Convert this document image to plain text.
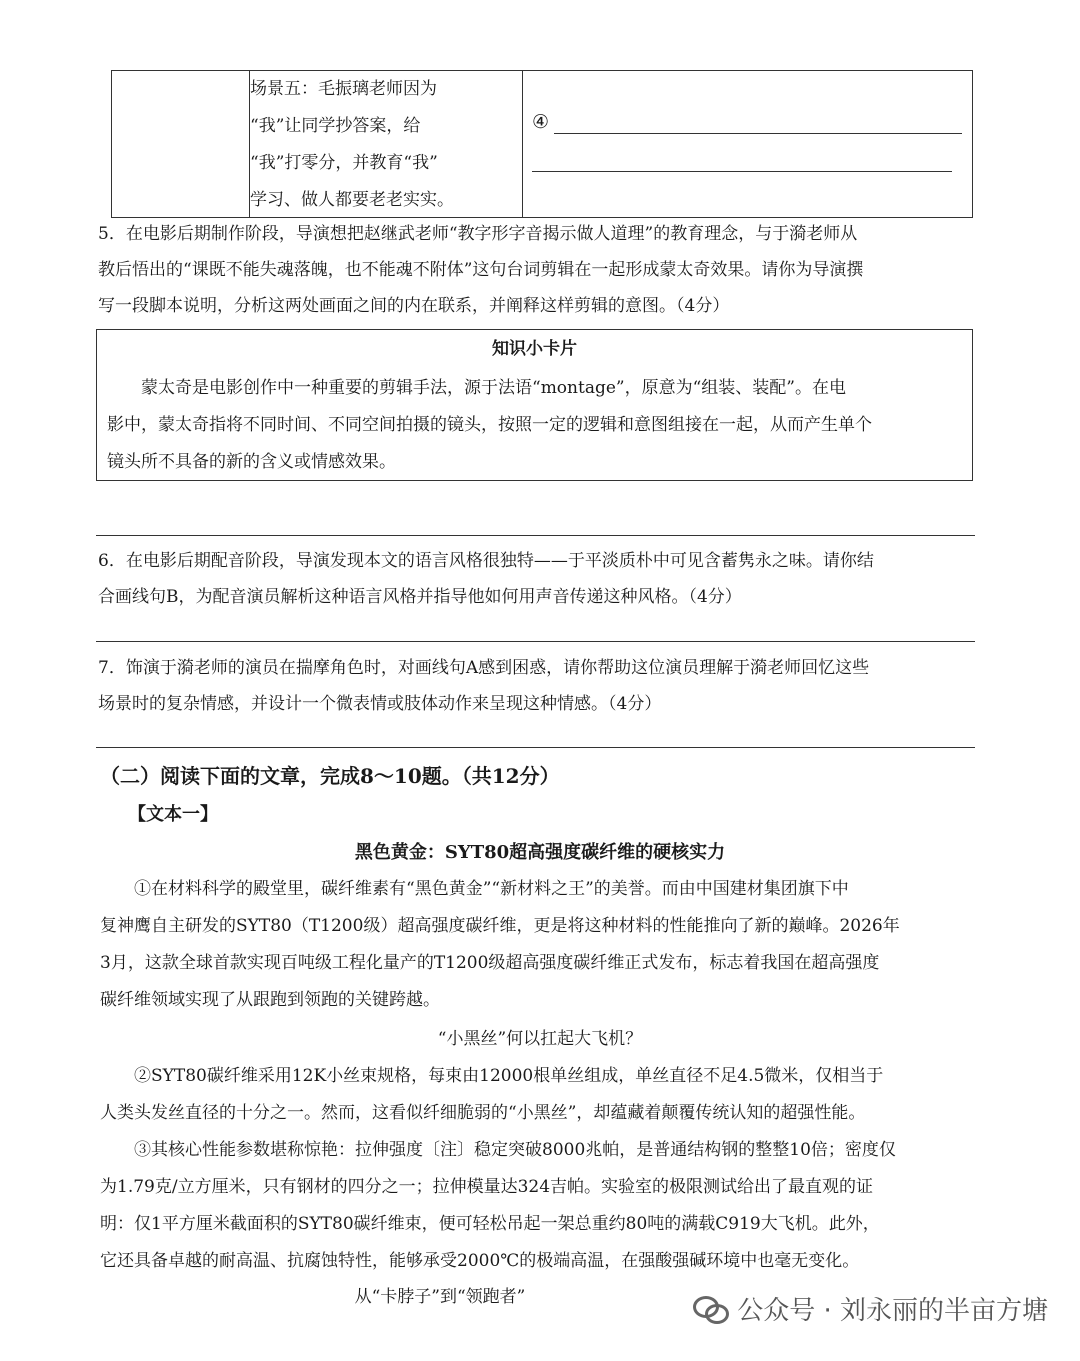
场景五：毛振璃老师因为
“我”让同学抄答案，给
“我”打零分，并教育“我”
学习、做人都要老老实实。
④
5．在电影后期制作阶段，导演想把赵继武老师“教字形字音揭示做人道理”的教育理念，与于漪老师从
教后悟出的“课既不能失魂落魄，也不能魂不附体”这句台词剪辑在一起形成蒙太奇效果。请你为导演撰
写一段脚本说明，分析这两处画面之间的内在联系，并阐释这样剪辑的意图。（4分）
知识小卡片
　　蒙太奇是电影创作中一种重要的剪辑手法，源于法语“montage”，原意为“组装、装配”。在电
影中，蒙太奇指将不同时间、不同空间拍摄的镜头，按照一定的逻辑和意图组接在一起，从而产生单个
镜头所不具备的新的含义或情感效果。
6．在电影后期配音阶段，导演发现本文的语言风格很独特——于平淡质朴中可见含蓄隽永之味。请你结
合画线句B，为配音演员解析这种语言风格并指导他如何用声音传递这种风格。（4分）
7．饰演于漪老师的演员在揣摩角色时，对画线句A感到困惑，请你帮助这位演员理解于漪老师回忆这些
场景时的复杂情感，并设计一个微表情或肢体动作来呈现这种情感。（4分）
（二）阅读下面的文章，完成8～10题。（共12分）
【文本一】
黑色黄金：SYT80超高强度碳纤维的硬核实力
　　①在材料科学的殿堂里，碳纤维素有“黑色黄金”“新材料之王”的美誉。而由中国建材集团旗下中
复神鹰自主研发的SYT80（T1200级）超高强度碳纤维，更是将这种材料的性能推向了新的巅峰。2026年
3月，这款全球首款实现百吨级工程化量产的T1200级超高强度碳纤维正式发布，标志着我国在超高强度
碳纤维领域实现了从跟跑到领跑的关键跨越。
“小黑丝”何以扛起大飞机？
　　②SYT80碳纤维采用12K小丝束规格，每束由12000根单丝组成，单丝直径不足4.5微米，仅相当于
人类头发丝直径的十分之一。然而，这看似纤细脆弱的“小黑丝”，却蕴藏着颠覆传统认知的超强性能。
　　③其核心性能参数堪称惊艳：拉伸强度〔注〕稳定突破8000兆帕，是普通结构钢的整整10倍；密度仅
为1.79克/立方厘米，只有钢材的四分之一；拉伸模量达324吉帕。实验室的极限测试给出了最直观的证
明：仅1平方厘米截面积的SYT80碳纤维束，便可轻松吊起一架总重约80吨的满载C919大飞机。此外，
它还具备卓越的耐高温、抗腐蚀特性，能够承受2000℃的极端高温，在强酸强碱环境中也毫无变化。
从“卡脖子”到“领跑者”	公众号 · 刘永丽的半亩方塘
